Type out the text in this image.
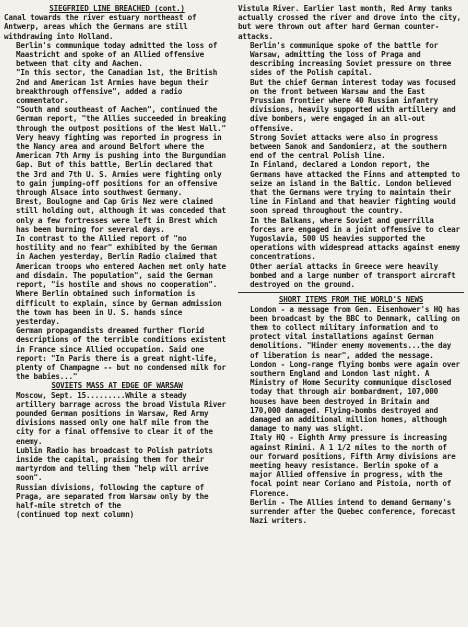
SIEGFRIED LINE BREACHED (cont.)

Canal towards the river estuary northeast of Antwerp, areas which the Germans are still withdrawing into Holland.

Berlin's communique today admitted the loss of Maastricht and spoke of an Allied offensive between that city and Aachen.

"In this sector, the Canadian 1st, the British 2nd and American 1st Armies have begun their breakthrough offensive", added a radio commentator.

"South and southeast of Aachen", continued the German report, "the Allies succeeded in breaking through the outpost positions of the West Wall."

Very heavy fighting was reported in progress in the Nancy area and around Belfort where the American 7th Army is pushing into the Burgundian Gap. But of this battle, Berlin declared that the 3rd and 7th U. S. Armies were fighting only to gain jumping-off positions for an offensive through Alsace into southwest Germany.

Brest, Boulogne and Cap Gris Nez were claimed still holding out, although it was conceded that only a few fortresses were left in Brest which has been burning for several days.

In contrast to the Allied report of "no hostility and no fear" exhibited by the German in Aachen yesterday, Berlin Radio claimed that American troops who entered Aachen met only hate and disdain. The population", said the German report, "is hostile and shows no cooperation".

Where Berlin obtained such information is difficult to explain, since by German admission the town has been in U. S. hands since yesterday.

German propagandists dreamed further florid descriptions of the terrible conditions existent in France since Allied occupation. Said one report: "In Paris there is a great night-life, plenty of Champagne -- but no condensed milk for the babies..."

SOVIETS MASS AT EDGE OF WARSAW

Moscow, Sept. 15.........While a steady artillery barrage across the broad Vistula River pounded German positions in Warsaw, Red Army divisions massed only one half mile from the city for a final offensive to clear it of the enemy.

Lublin Radio has broadcast to Polish patriots inside the capital, praising them for their martyrdom and telling them "help will arrive soon".

Russian divisions, following the capture of Praga, are separated from Warsaw only by the half-mile stretch of the

(continued top next column)

Vistula River. Earlier last month, Red Army tanks actually crossed the river and drove into the city, but were thrown out after hard German counter-attacks.

Berlin's communique spoke of the battle for Warsaw, admitting the loss of Praga and describing increasing Soviet pressure on three sides of the Polish capital.

But the chief German interest today was focused on the front between Warsaw and the East Prussian frontier where 40 Russian infantry divisions, heavily supported with artillery and dive bombers, were engaged in an all-out offensive.

Strong Soviet attacks were also in progress between Sanok and Sandomierz, at the southern end of the central Polish line.

In Finland, declared a London report, the Germans have attacked the Finns and attempted to seize an island in the Baltic. London believed that the Germans were trying to maintain their line in Finland and that heavier fighting would soon spread throughout the country.

In the Balkans, where Soviet and guerrilla forces are engaged in a joint offensive to clear Yugoslavia, 500 US heavies supported the operations with widespread attacks against enemy concentrations.

Other aerial attacks in Greece were heavily bombed and a large number of transport aircraft destroyed on the ground.

SHORT ITEMS FROM THE WORLD'S NEWS

London - a message from Gen. Eisenhower's HQ has been broadcast by the BBC to Denmark, calling on them to collect military information and to protect vital installations against German demolitions. "Hinder enemy movements...the day of liberation is near", added the message.

London - Long-range flying bombs were again over southern England and London last night. A Ministry of Home Security communique disclosed today that through air bombardment, 107,000 houses have been destroyed in Britain and 170,000 damaged. Flying-bombs destroyed and damaged an additional million homes, although damage to many was slight.

Italy HQ - Eighth Army pressure is increasing against Rimini. A 1 1/2 miles to the north of our forward positions, Fifth Army divisions are meeting heavy resistance. Berlin spoke of a major Allied offensive in progress, with the focal point near Coriano and Pistoia, north of Florence.

Berlin - The Allies intend to demand Germany's surrender after the Quebec conference, forecast Nazi writers.
